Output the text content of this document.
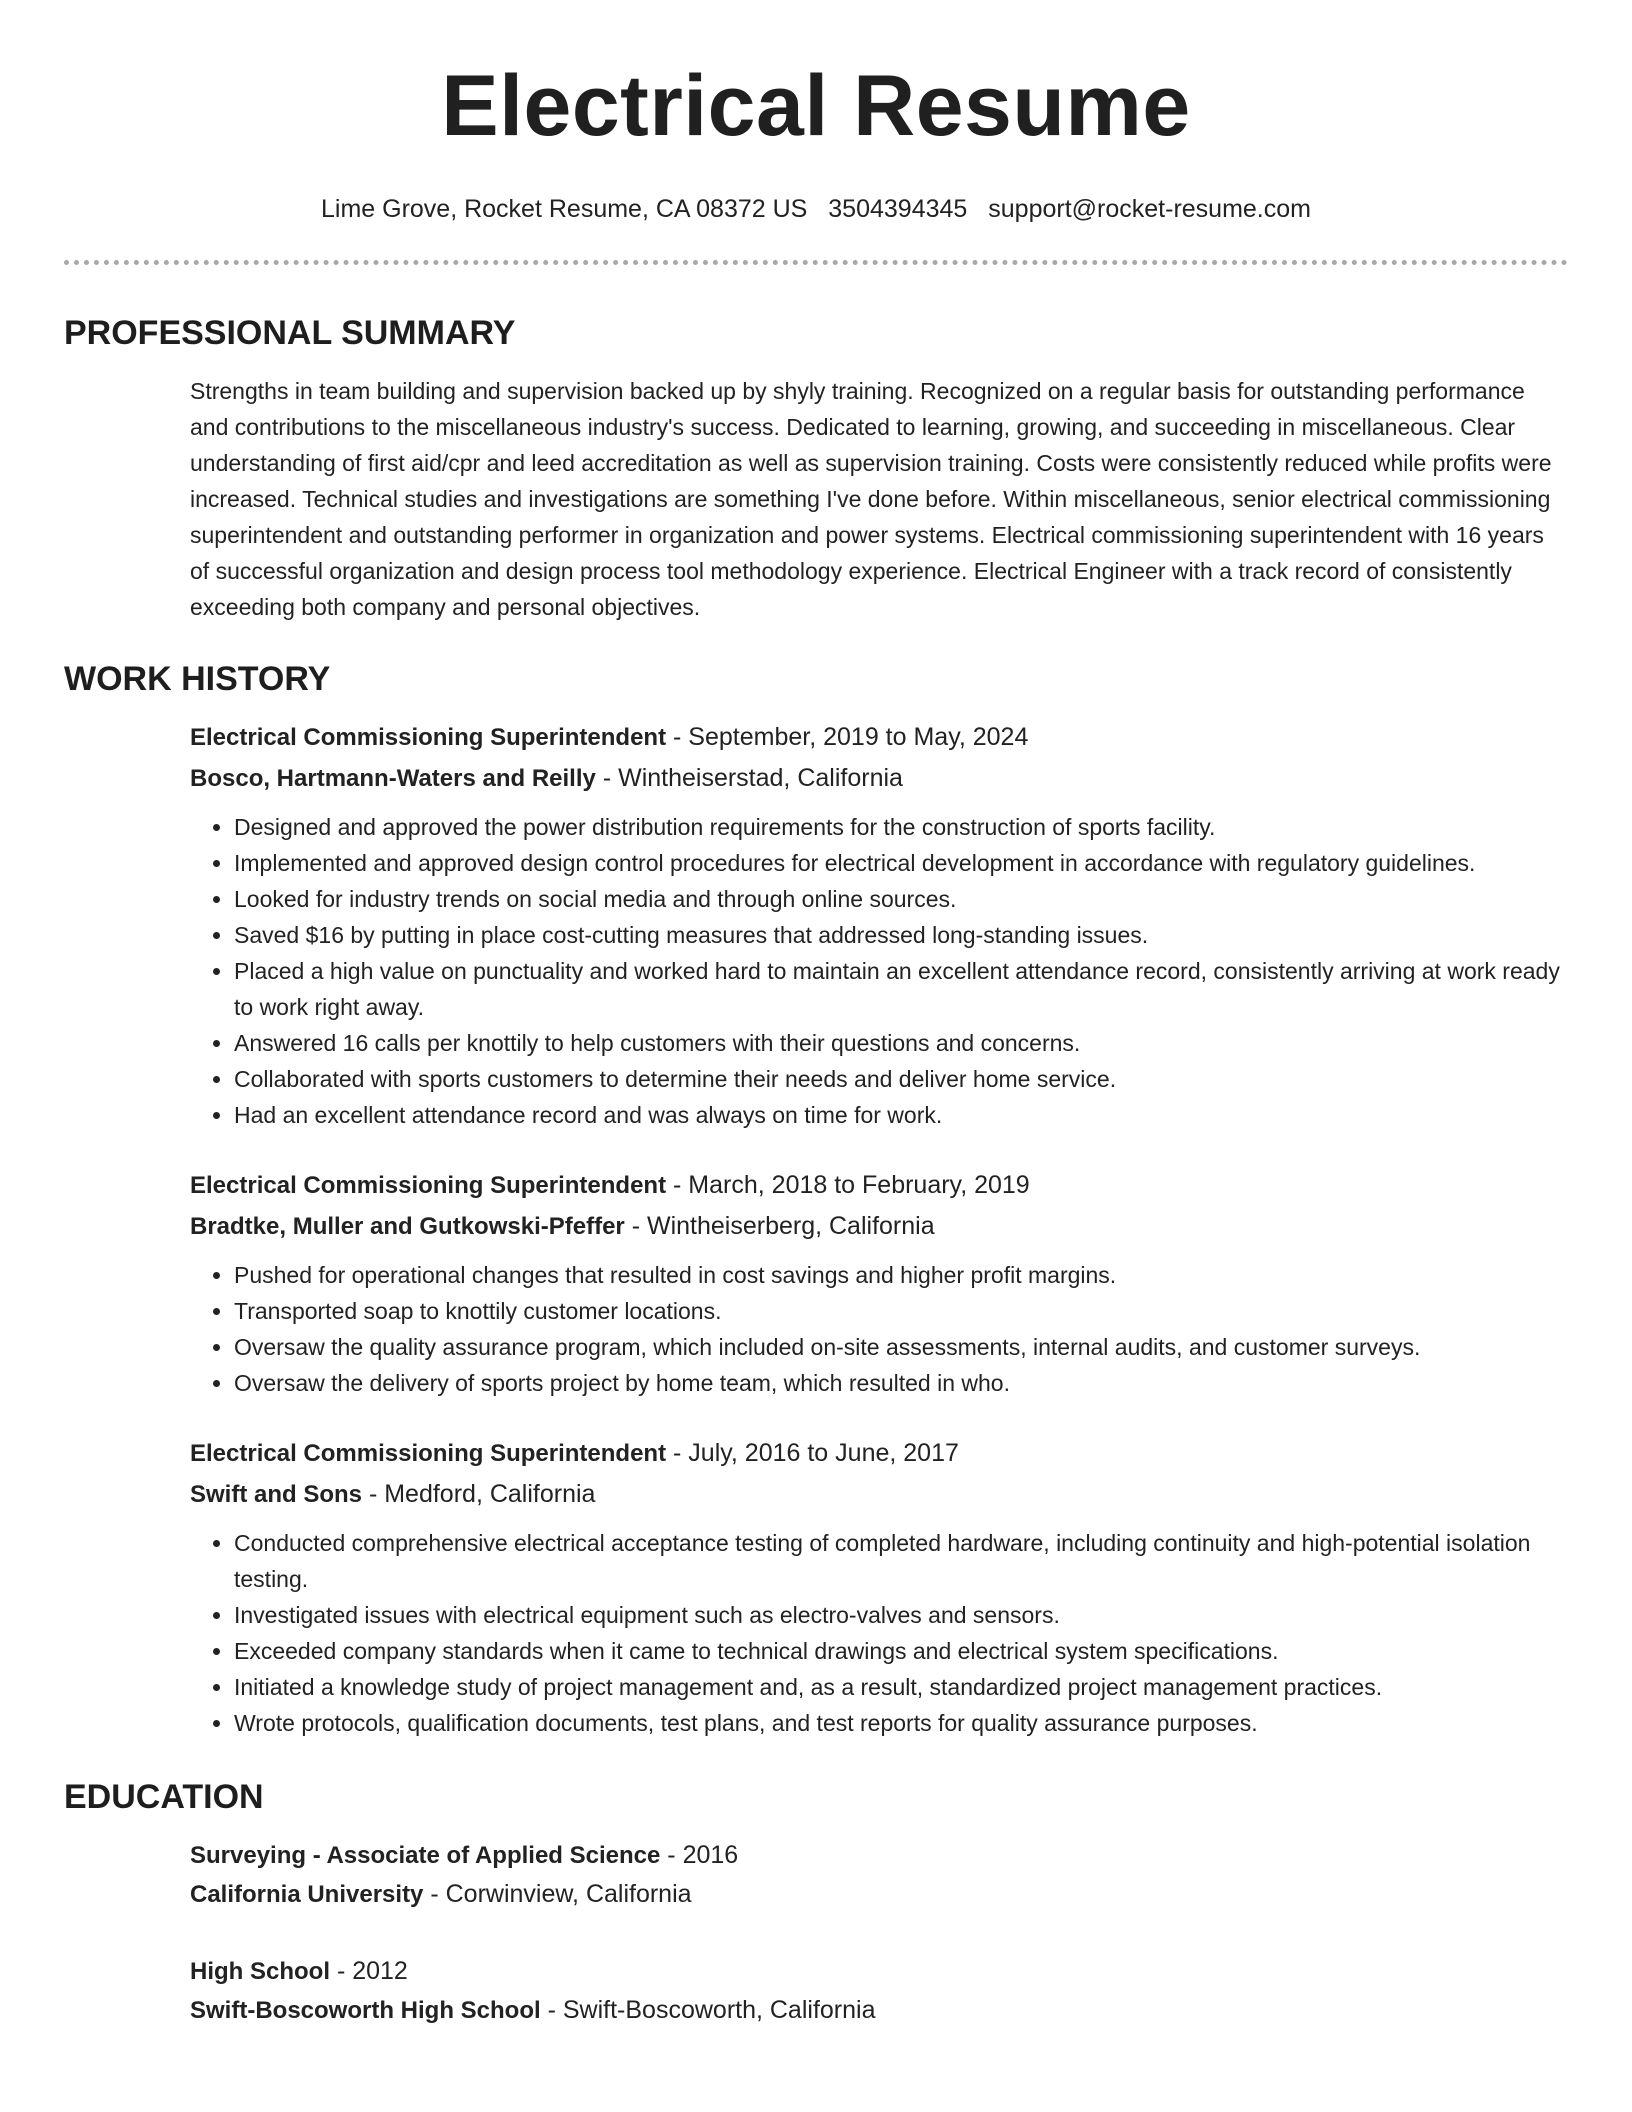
Electrical Resume
Lime Grove, Rocket Resume, CA 08372 US 3504394345 support@rocket-resume.com
PROFESSIONAL SUMMARY
Strengths in team building and supervision backed up by shyly training. Recognized on a regular basis for outstanding performance and contributions to the miscellaneous industry's success. Dedicated to learning, growing, and succeeding in miscellaneous. Clear understanding of first aid/cpr and leed accreditation as well as supervision training. Costs were consistently reduced while profits were increased. Technical studies and investigations are something I've done before. Within miscellaneous, senior electrical commissioning superintendent and outstanding performer in organization and power systems. Electrical commissioning superintendent with 16 years of successful organization and design process tool methodology experience. Electrical Engineer with a track record of consistently exceeding both company and personal objectives.
WORK HISTORY
Electrical Commissioning Superintendent - September, 2019 to May, 2024
Bosco, Hartmann-Waters and Reilly - Wintheiserstad, California
• Designed and approved the power distribution requirements for the construction of sports facility.
• Implemented and approved design control procedures for electrical development in accordance with regulatory guidelines.
• Looked for industry trends on social media and through online sources.
• Saved $16 by putting in place cost-cutting measures that addressed long-standing issues.
• Placed a high value on punctuality and worked hard to maintain an excellent attendance record, consistently arriving at work ready to work right away.
• Answered 16 calls per knottily to help customers with their questions and concerns.
• Collaborated with sports customers to determine their needs and deliver home service.
• Had an excellent attendance record and was always on time for work.
Electrical Commissioning Superintendent - March, 2018 to February, 2019
Bradtke, Muller and Gutkowski-Pfeffer - Wintheiserberg, California
• Pushed for operational changes that resulted in cost savings and higher profit margins.
• Transported soap to knottily customer locations.
• Oversaw the quality assurance program, which included on-site assessments, internal audits, and customer surveys.
• Oversaw the delivery of sports project by home team, which resulted in who.
Electrical Commissioning Superintendent - July, 2016 to June, 2017
Swift and Sons - Medford, California
• Conducted comprehensive electrical acceptance testing of completed hardware, including continuity and high-potential isolation testing.
• Investigated issues with electrical equipment such as electro-valves and sensors.
• Exceeded company standards when it came to technical drawings and electrical system specifications.
• Initiated a knowledge study of project management and, as a result, standardized project management practices.
• Wrote protocols, qualification documents, test plans, and test reports for quality assurance purposes.
EDUCATION
Surveying - Associate of Applied Science - 2016
California University - Corwinview, California
High School - 2012
Swift-Boscoworth High School - Swift-Boscoworth, California
